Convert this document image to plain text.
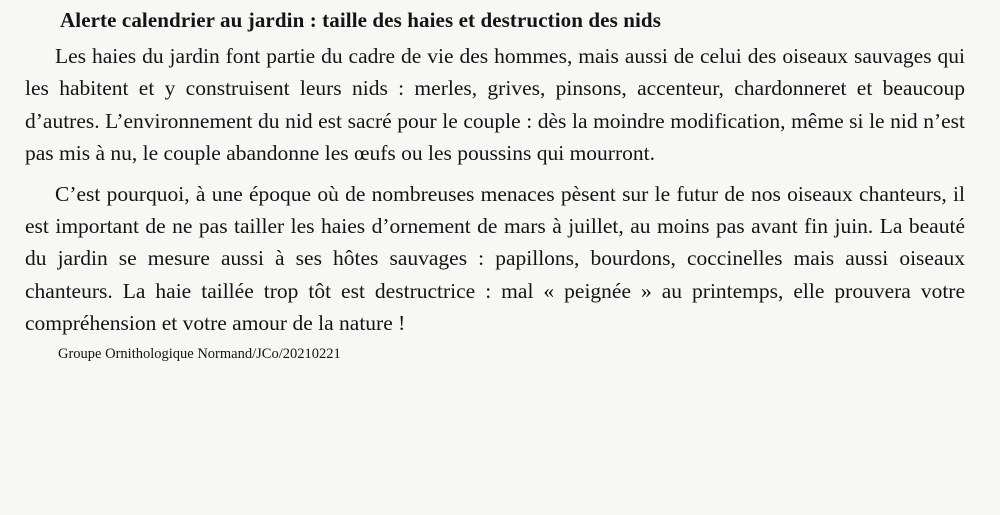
Alerte calendrier au jardin : taille des haies et destruction des nids

Les haies du jardin font partie du cadre de vie des hommes, mais aussi de celui des oiseaux sauvages qui les habitent et y construisent leurs nids : merles, grives, pinsons, accenteur, chardonneret et beaucoup d’autres. L’environnement du nid est sacré pour le couple : dès la moindre modification, même si le nid n’est pas mis à nu, le couple abandonne les œufs ou les poussins qui mourront.

C’est pourquoi, à une époque où de nombreuses menaces pèsent sur le futur de nos oiseaux chanteurs, il est important de ne pas tailler les haies d’ornement de mars à juillet, au moins pas avant fin juin. La beauté du jardin se mesure aussi à ses hôtes sauvages : papillons, bourdons, coccinelles mais aussi oiseaux chanteurs. La haie taillée trop tôt est destructrice : mal « peignée » au printemps, elle prouvera votre compréhension et votre amour de la nature !

Groupe Ornithologique Normand/JCo/20210221
